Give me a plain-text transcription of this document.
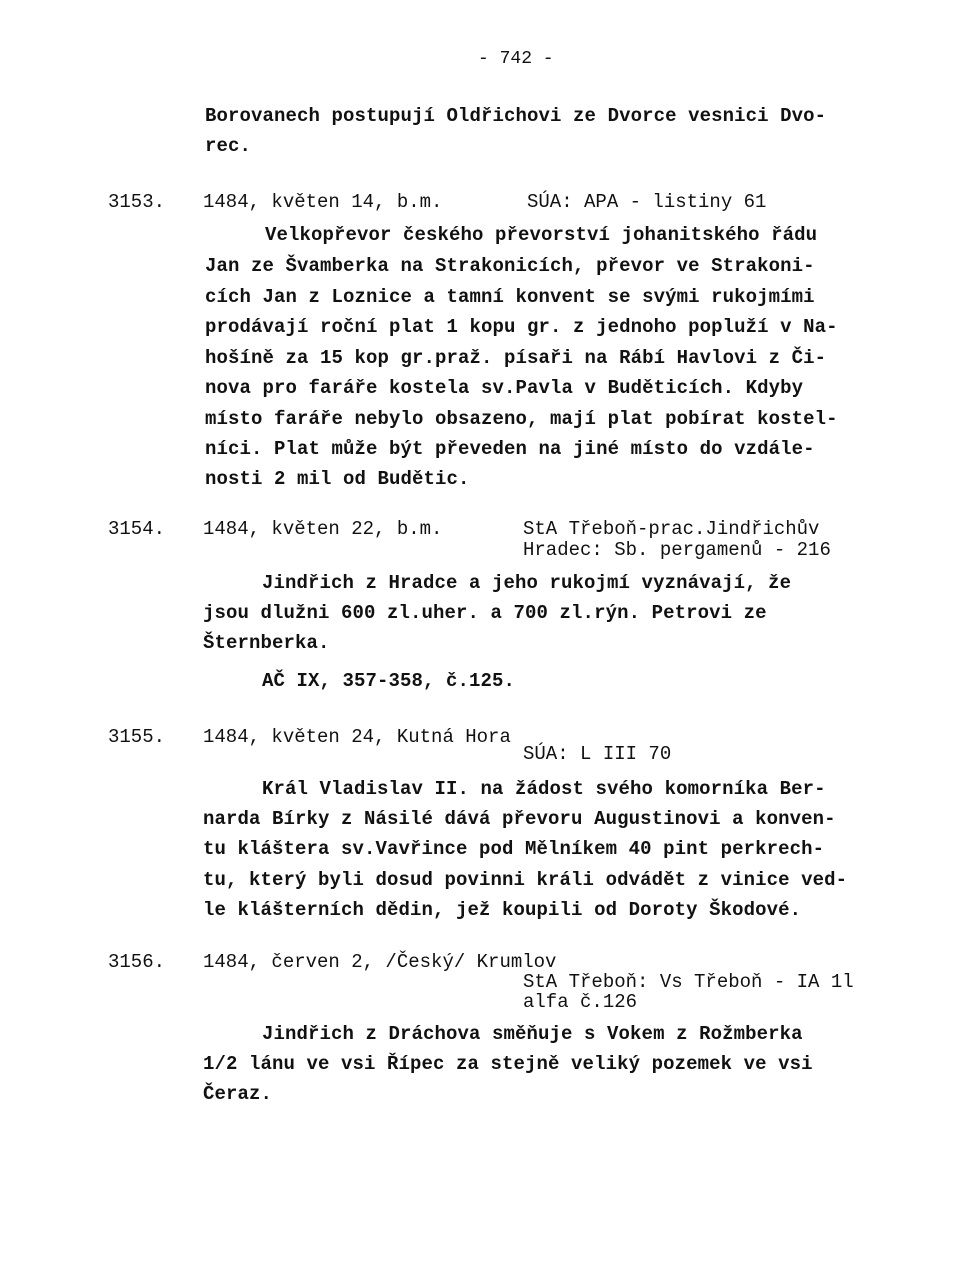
- 742 -
Borovanech postupují Oldřichovi ze Dvorce vesnici Dvo-
rec.
3153. 1484, květen 14, b.m.	SÚA: APA - listiny 61
Velkopřevor českého převorství johanitského řádu
Jan ze Švamberka na Strakonicích, převor ve Strakoni-
cích Jan z Loznice a tamní konvent se svými rukojmími
prodávají roční plat 1 kopu gr. z jednoho popluží v Na-
hošíně za 15 kop gr.praž. písaři na Rábí Havlovi z Či-
nova pro faráře kostela sv.Pavla v Buděticích. Kdyby
místo faráře nebylo obsazeno, mají plat pobírat kostel-
níci. Plat může být převeden na jiné místo do vzdále-
nosti 2 mil od Budětic.
3154. 1484, květen 22, b.m.	StA Třeboň-prac.Jindřichův
Hradec: Sb. pergamenů - 216
Jindřich z Hradce a jeho rukojmí vyznávají, že
jsou dlužni 600 zl.uher. a 700 zl.rýn. Petrovi ze
Šternberka.
AČ IX, 357-358, č.125.
3155. 1484, květen 24, Kutná Hora
SÚA: L III 70
Král Vladislav II. na žádost svého komorníka Ber-
narda Bírky z Násilé dává převoru Augustinovi a konven-
tu kláštera sv.Vavřince pod Mělníkem 40 pint perkrech-
tu, který byli dosud povinni králi odvádět z vinice ved-
le klášterních dědin, jež koupili od Doroty Škodové.
3156. 1484, červen 2, /Český/ Krumlov
StA Třeboň: Vs Třeboň - IA 1l
alfa č.126
Jindřich z Dráchova směňuje s Vokem z Rožmberka
1/2 lánu ve vsi Řípec za stejně veliký pozemek ve vsi
Čeraz.
